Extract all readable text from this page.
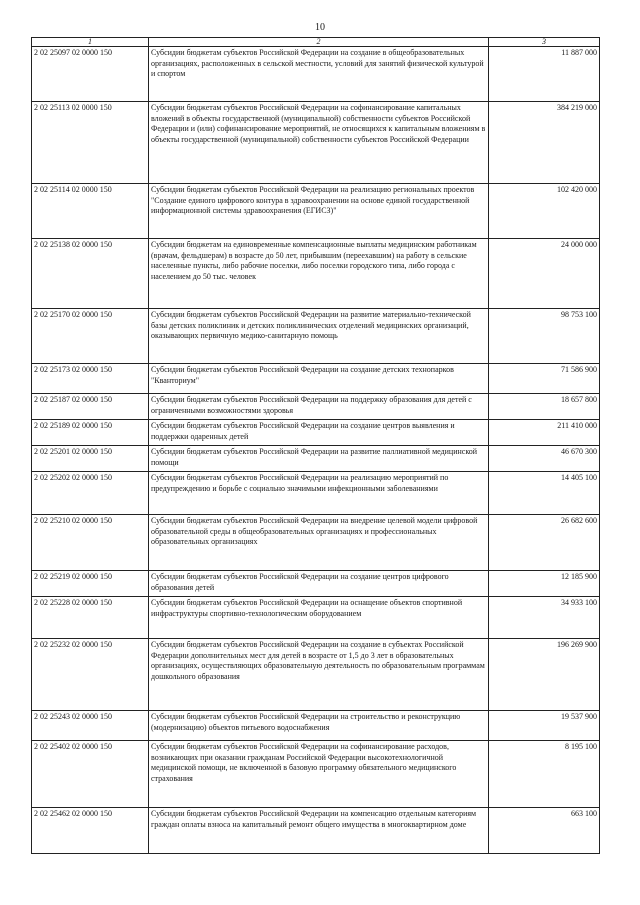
10
1	2	3
2 02 25097 02 0000 150	Субсидии бюджетам субъектов Российской Федерации на создание в общеобразовательных организациях, расположенных в сельской местности, условий для занятий физической культурой и спортом	11 887 000
2 02 25113 02 0000 150	Субсидии бюджетам субъектов Российской Федерации на софинансирование капитальных вложений в объекты государственной (муниципальной) собственности субъектов Российской Федерации и (или) софинансирование мероприятий, не относящихся к капитальным вложениям в объекты государственной (муниципальной) собственности субъектов Российской Федерации	384 219 000
2 02 25114 02 0000 150	Субсидии бюджетам субъектов Российской Федерации на реализацию региональных проектов "Создание единого цифрового контура в здравоохранении на основе единой государственной информационной системы здравоохранения (ЕГИСЗ)"	102 420 000
2 02 25138 02 0000 150	Субсидии бюджетам на единовременные компенсационные выплаты медицинским работникам (врачам, фельдшерам) в возрасте до 50 лет, прибывшим (переехавшим) на работу в сельские населенные пункты, либо рабочие поселки, либо поселки городского типа, либо города с населением до 50 тыс. человек	24 000 000
2 02 25170 02 0000 150	Субсидии бюджетам субъектов Российской Федерации на развитие материально-технической базы детских поликлиник и детских поликлинических отделений медицинских организаций, оказывающих первичную медико-санитарную помощь	98 753 100
2 02 25173 02 0000 150	Субсидии бюджетам субъектов Российской Федерации на создание детских технопарков "Кванториум"	71 586 900
2 02 25187 02 0000 150	Субсидии бюджетам субъектов Российской Федерации на поддержку образования для детей с ограниченными возможностями здоровья	18 657 800
2 02 25189 02 0000 150	Субсидии бюджетам субъектов Российской Федерации на создание центров выявления и поддержки одаренных детей	211 410 000
2 02 25201 02 0000 150	Субсидии бюджетам субъектов Российской Федерации на развитие паллиативной медицинской помощи	46 670 300
2 02 25202 02 0000 150	Субсидии бюджетам субъектов Российской Федерации на реализацию мероприятий по предупреждению и борьбе с социально значимыми инфекционными заболеваниями	14 405 100
2 02 25210 02 0000 150	Субсидии бюджетам субъектов Российской Федерации на внедрение целевой модели цифровой образовательной среды в общеобразовательных организациях и профессиональных образовательных организациях	26 682 600
2 02 25219 02 0000 150	Субсидии бюджетам субъектов Российской Федерации на создание центров цифрового образования детей	12 185 900
2 02 25228 02 0000 150	Субсидии бюджетам субъектов Российской Федерации на оснащение объектов спортивной инфраструктуры спортивно-технологическим оборудованием	34 933 100
2 02 25232 02 0000 150	Субсидии бюджетам субъектов Российской Федерации на создание в субъектах Российской Федерации дополнительных мест для детей в возрасте от 1,5 до 3 лет в образовательных организациях, осуществляющих образовательную деятельность по образовательным программам дошкольного образования	196 269 900
2 02 25243 02 0000 150	Субсидии бюджетам субъектов Российской Федерации на строительство и реконструкцию (модернизацию) объектов питьевого водоснабжения	19 537 900
2 02 25402 02 0000 150	Субсидии бюджетам субъектов Российской Федерации на софинансирование расходов, возникающих при оказании гражданам Российской Федерации высокотехнологичной медицинской помощи, не включенной в базовую программу обязательного медицинского страхования	8 195 100
2 02 25462 02 0000 150	Субсидии бюджетам субъектов Российской Федерации на компенсацию отдельным категориям граждан оплаты взноса на капитальный ремонт общего имущества в многоквартирном доме	663 100
